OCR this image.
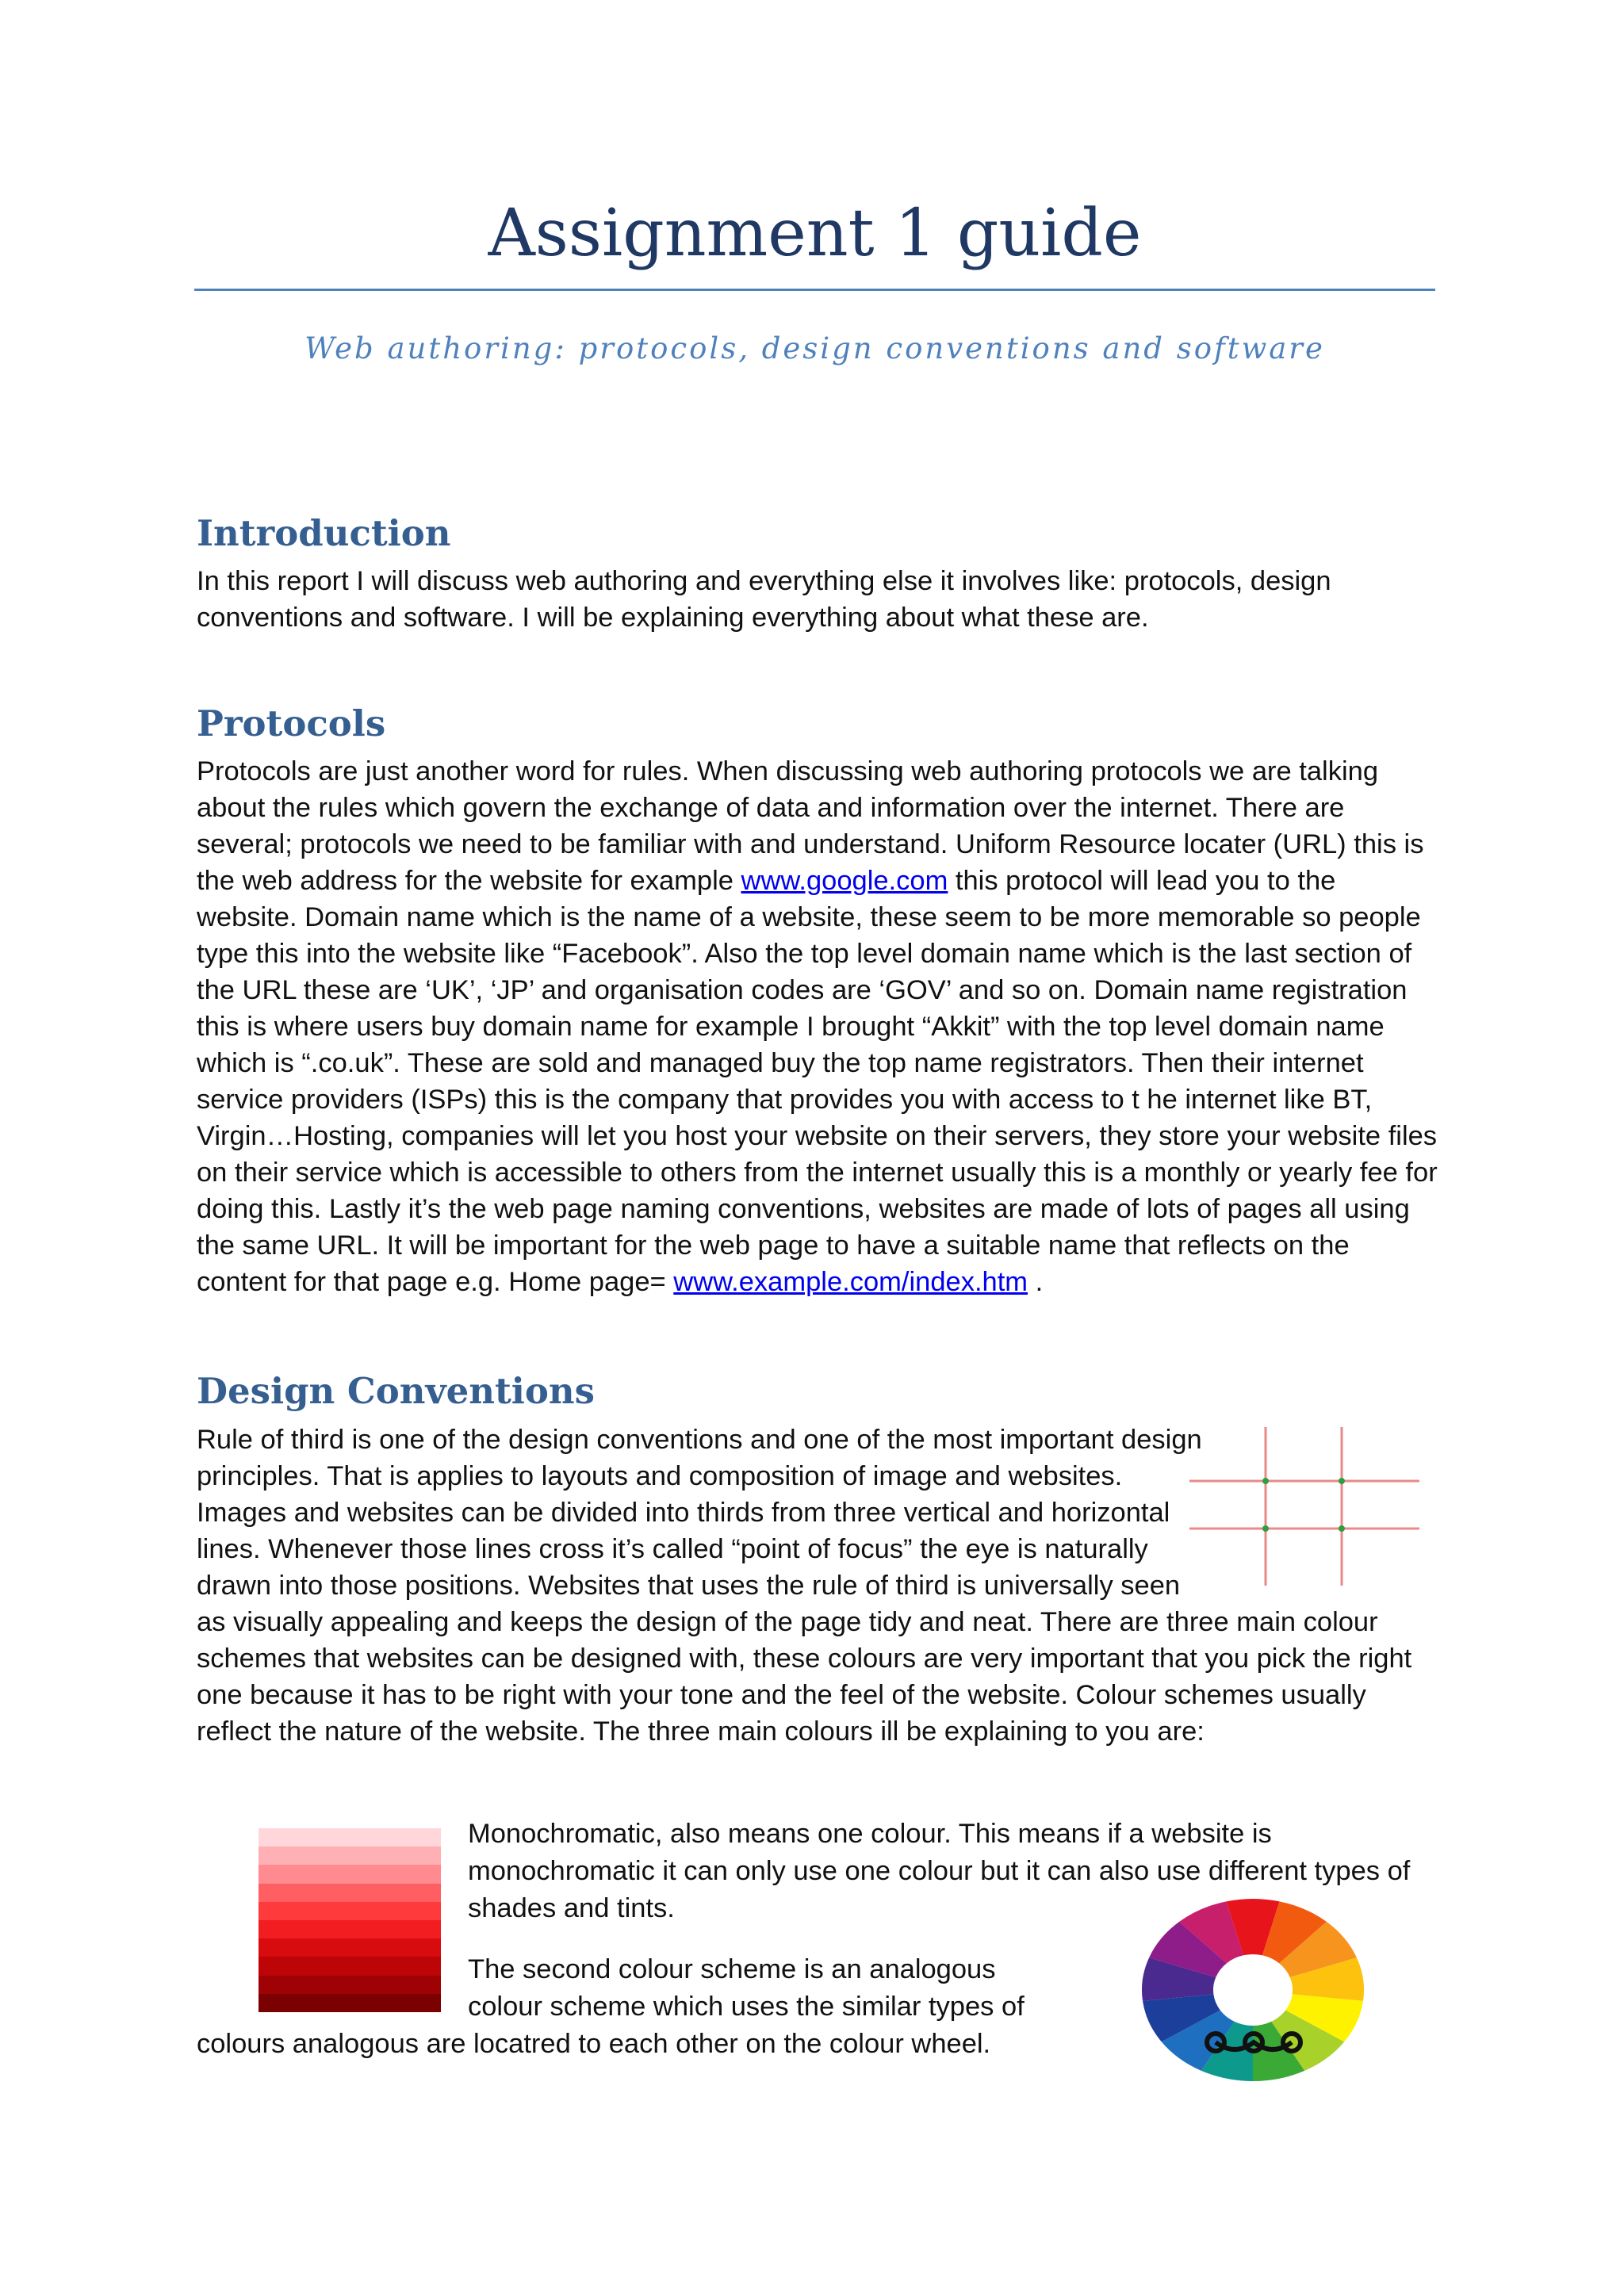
Assignment 1 guide
Web authoring: protocols, design conventions and software
Introduction

In this report I will discuss web authoring and everything else it involves like: protocols, design conventions and software. I will be explaining everything about what these are.

Protocols

Protocols are just another word for rules. When discussing web authoring protocols we are talking about the rules which govern the exchange of data and information over the internet. There are several; protocols we need to be familiar with and understand. Uniform Resource locater (URL) this is the web address for the website for example www.google.com this protocol will lead you to the website. Domain name which is the name of a website, these seem to be more memorable so people type this into the website like “Facebook”. Also the top level domain name which is the last section of the URL these are ‘UK’, ‘JP’ and organisation codes are ‘GOV’ and so on. Domain name registration this is where users buy domain name for example I brought “Akkit” with the top level domain name which is “.co.uk”. These are sold and managed buy the top name registrators. Then their internet service providers (ISPs) this is the company that provides you with access to t he internet like BT, Virgin…Hosting, companies will let you host your website on their servers, they store your website files on their service which is accessible to others from the internet usually this is a monthly or yearly fee for doing this. Lastly it’s the web page naming conventions, websites are made of lots of pages all using the same URL. It will be important for the web page to have a suitable name that reflects on the content for that page e.g. Home page= www.example.com/index.htm .

Design Conventions

Rule of third is one of the design conventions and one of the most important design principles. That is applies to layouts and composition of image and websites. Images and websites can be divided into thirds from three vertical and horizontal lines. Whenever those lines cross it’s called “point of focus” the eye is naturally drawn into those positions. Websites that uses the rule of third is universally seen as visually appealing and keeps the design of the page tidy and neat. There are three main colour schemes that websites can be designed with, these colours are very important that you pick the right one because it has to be right with your tone and the feel of the website. Colour schemes usually reflect the nature of the website. The three main colours ill be explaining to you are:

Monochromatic, also means one colour. This means if a website is monochromatic it can only use one colour but it can also use different types of shades and tints.

The second colour scheme is an analogous colour scheme which uses the similar types of colours analogous are locatred to each other on the colour wheel.
